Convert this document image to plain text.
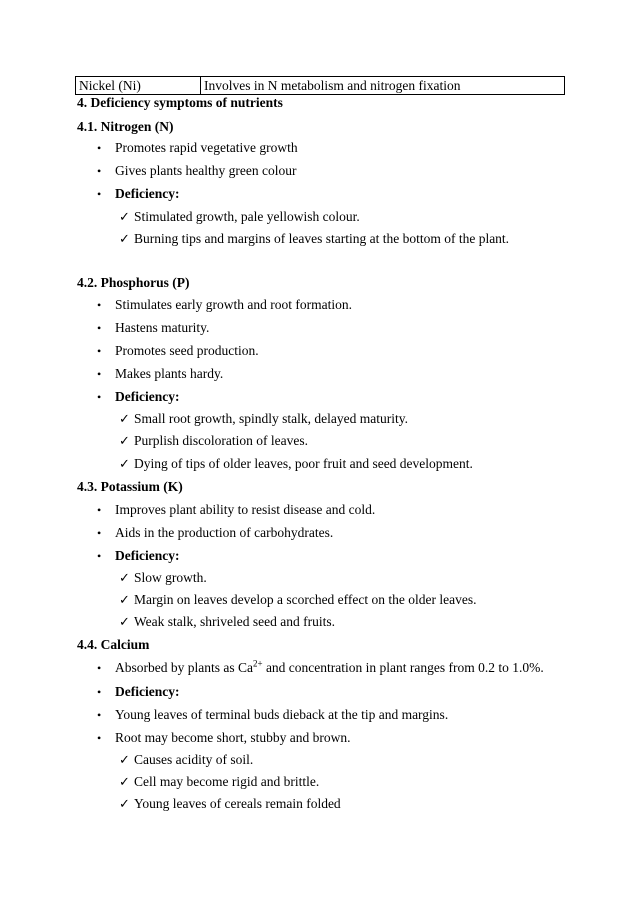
Nickel (Ni)	Involves in N metabolism and nitrogen fixation
4. Deficiency symptoms of nutrients
4.1. Nitrogen (N)
• Promotes rapid vegetative growth
• Gives plants healthy green colour
• Deficiency:
✓ Stimulated growth, pale yellowish colour.
✓ Burning tips and margins of leaves starting at the bottom of the plant.
4.2. Phosphorus (P)
• Stimulates early growth and root formation.
• Hastens maturity.
• Promotes seed production.
• Makes plants hardy.
• Deficiency:
✓ Small root growth, spindly stalk, delayed maturity.
✓ Purplish discoloration of leaves.
✓ Dying of tips of older leaves, poor fruit and seed development.
4.3. Potassium (K)
• Improves plant ability to resist disease and cold.
• Aids in the production of carbohydrates.
• Deficiency:
✓ Slow growth.
✓ Margin on leaves develop a scorched effect on the older leaves.
✓ Weak stalk, shriveled seed and fruits.
4.4. Calcium
• Absorbed by plants as $Ca^{2+}$ and concentration in plant ranges from 0.2 to 1.0%.
• Deficiency:
• Young leaves of terminal buds dieback at the tip and margins.
• Root may become short, stubby and brown.
✓ Causes acidity of soil.
✓ Cell may become rigid and brittle.
✓ Young leaves of cereals remain folded
